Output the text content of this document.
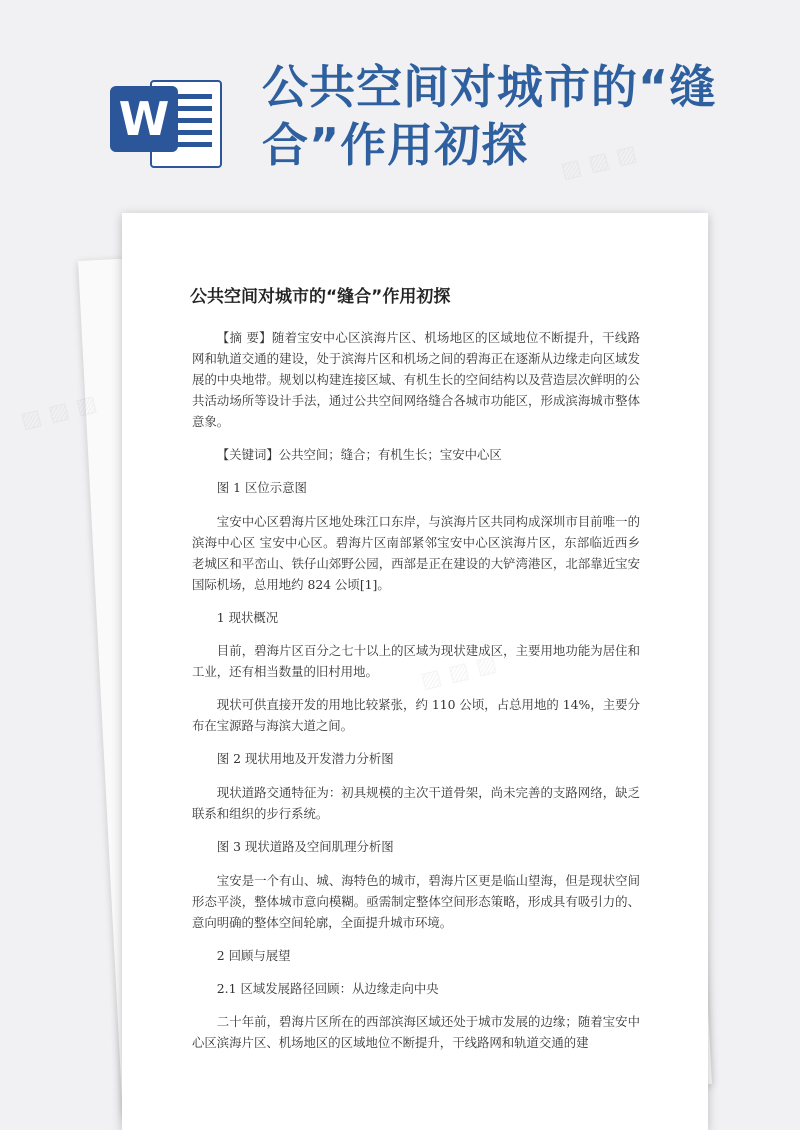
W
公共空间对城市的“缝合”作用初探
公共空间对城市的“缝合”作用初探

【摘 要】随着宝安中心区滨海片区、机场地区的区域地位不断提升，干线路网和轨道交通的建设，处于滨海片区和机场之间的碧海正在逐渐从边缘走向区域发展的中央地带。规划以构建连接区域、有机生长的空间结构以及营造层次鲜明的公共活动场所等设计手法，通过公共空间网络缝合各城市功能区，形成滨海城市整体意象。

【关键词】公共空间；缝合；有机生长；宝安中心区

图 1 区位示意图

宝安中心区碧海片区地处珠江口东岸，与滨海片区共同构成深圳市目前唯一的滨海中心区 宝安中心区。碧海片区南部紧邻宝安中心区滨海片区，东部临近西乡老城区和平峦山、铁仔山郊野公园，西部是正在建设的大铲湾港区，北部靠近宝安国际机场，总用地约 824 公顷[1]。

1 现状概况

目前，碧海片区百分之七十以上的区域为现状建成区，主要用地功能为居住和工业，还有相当数量的旧村用地。

现状可供直接开发的用地比较紧张，约 110 公顷，占总用地的 14%，主要分布在宝源路与海滨大道之间。

图 2 现状用地及开发潜力分析图

现状道路交通特征为：初具规模的主次干道骨架，尚未完善的支路网络，缺乏联系和组织的步行系统。

图 3 现状道路及空间肌理分析图

宝安是一个有山、城、海特色的城市，碧海片区更是临山望海，但是现状空间形态平淡，整体城市意向模糊。亟需制定整体空间形态策略，形成具有吸引力的、意向明确的整体空间轮廓，全面提升城市环境。

2 回顾与展望

2.1 区域发展路径回顾：从边缘走向中央

二十年前，碧海片区所在的西部滨海区域还处于城市发展的边缘；随着宝安中心区滨海片区、机场地区的区域地位不断提升，干线路网和轨道交通的建

▨ ▨ ▨
▨ ▨ ▨
▨ ▨ ▨
